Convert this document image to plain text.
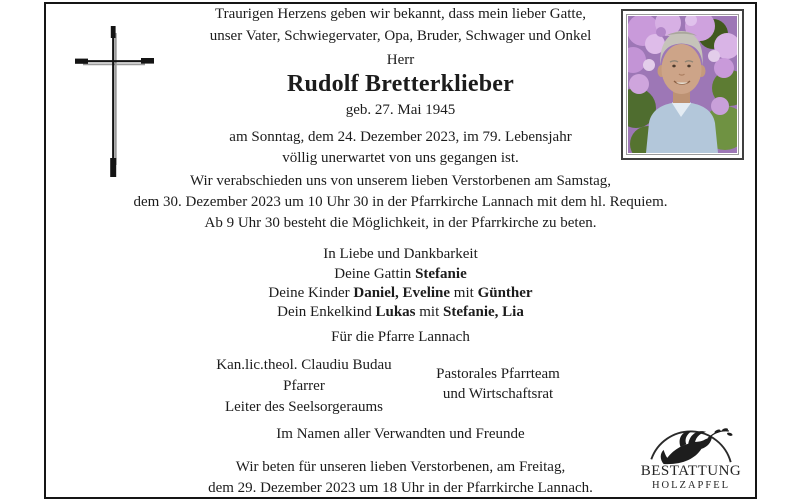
Traurigen Herzens geben wir bekannt, dass mein lieber Gatte,
unser Vater, Schwiegervater, Opa, Bruder, Schwager und Onkel
Herr
Rudolf Bretterklieber
geb. 27. Mai 1945
am Sonntag, dem 24. Dezember 2023, im 79. Lebensjahr
völlig unerwartet von uns gegangen ist.
Wir verabschieden uns von unserem lieben Verstorbenen am Samstag,
dem 30. Dezember 2023 um 10 Uhr 30 in der Pfarrkirche Lannach mit dem hl. Requiem.
Ab 9 Uhr 30 besteht die Möglichkeit, in der Pfarrkirche zu beten.
In Liebe und Dankbarkeit
Deine Gattin Stefanie
Deine Kinder Daniel, Eveline mit Günther
Dein Enkelkind Lukas mit Stefanie, Lia
Für die Pfarre Lannach
Kan.lic.theol. Claudiu Budau
Pfarrer
Leiter des Seelsorgeraums
Pastorales Pfarrteam
und Wirtschaftsrat
Im Namen aller Verwandten und Freunde
Wir beten für unseren lieben Verstorbenen, am Freitag,
dem 29. Dezember 2023 um 18 Uhr in der Pfarrkirche Lannach.
BESTATTUNG
HOLZAPFEL
